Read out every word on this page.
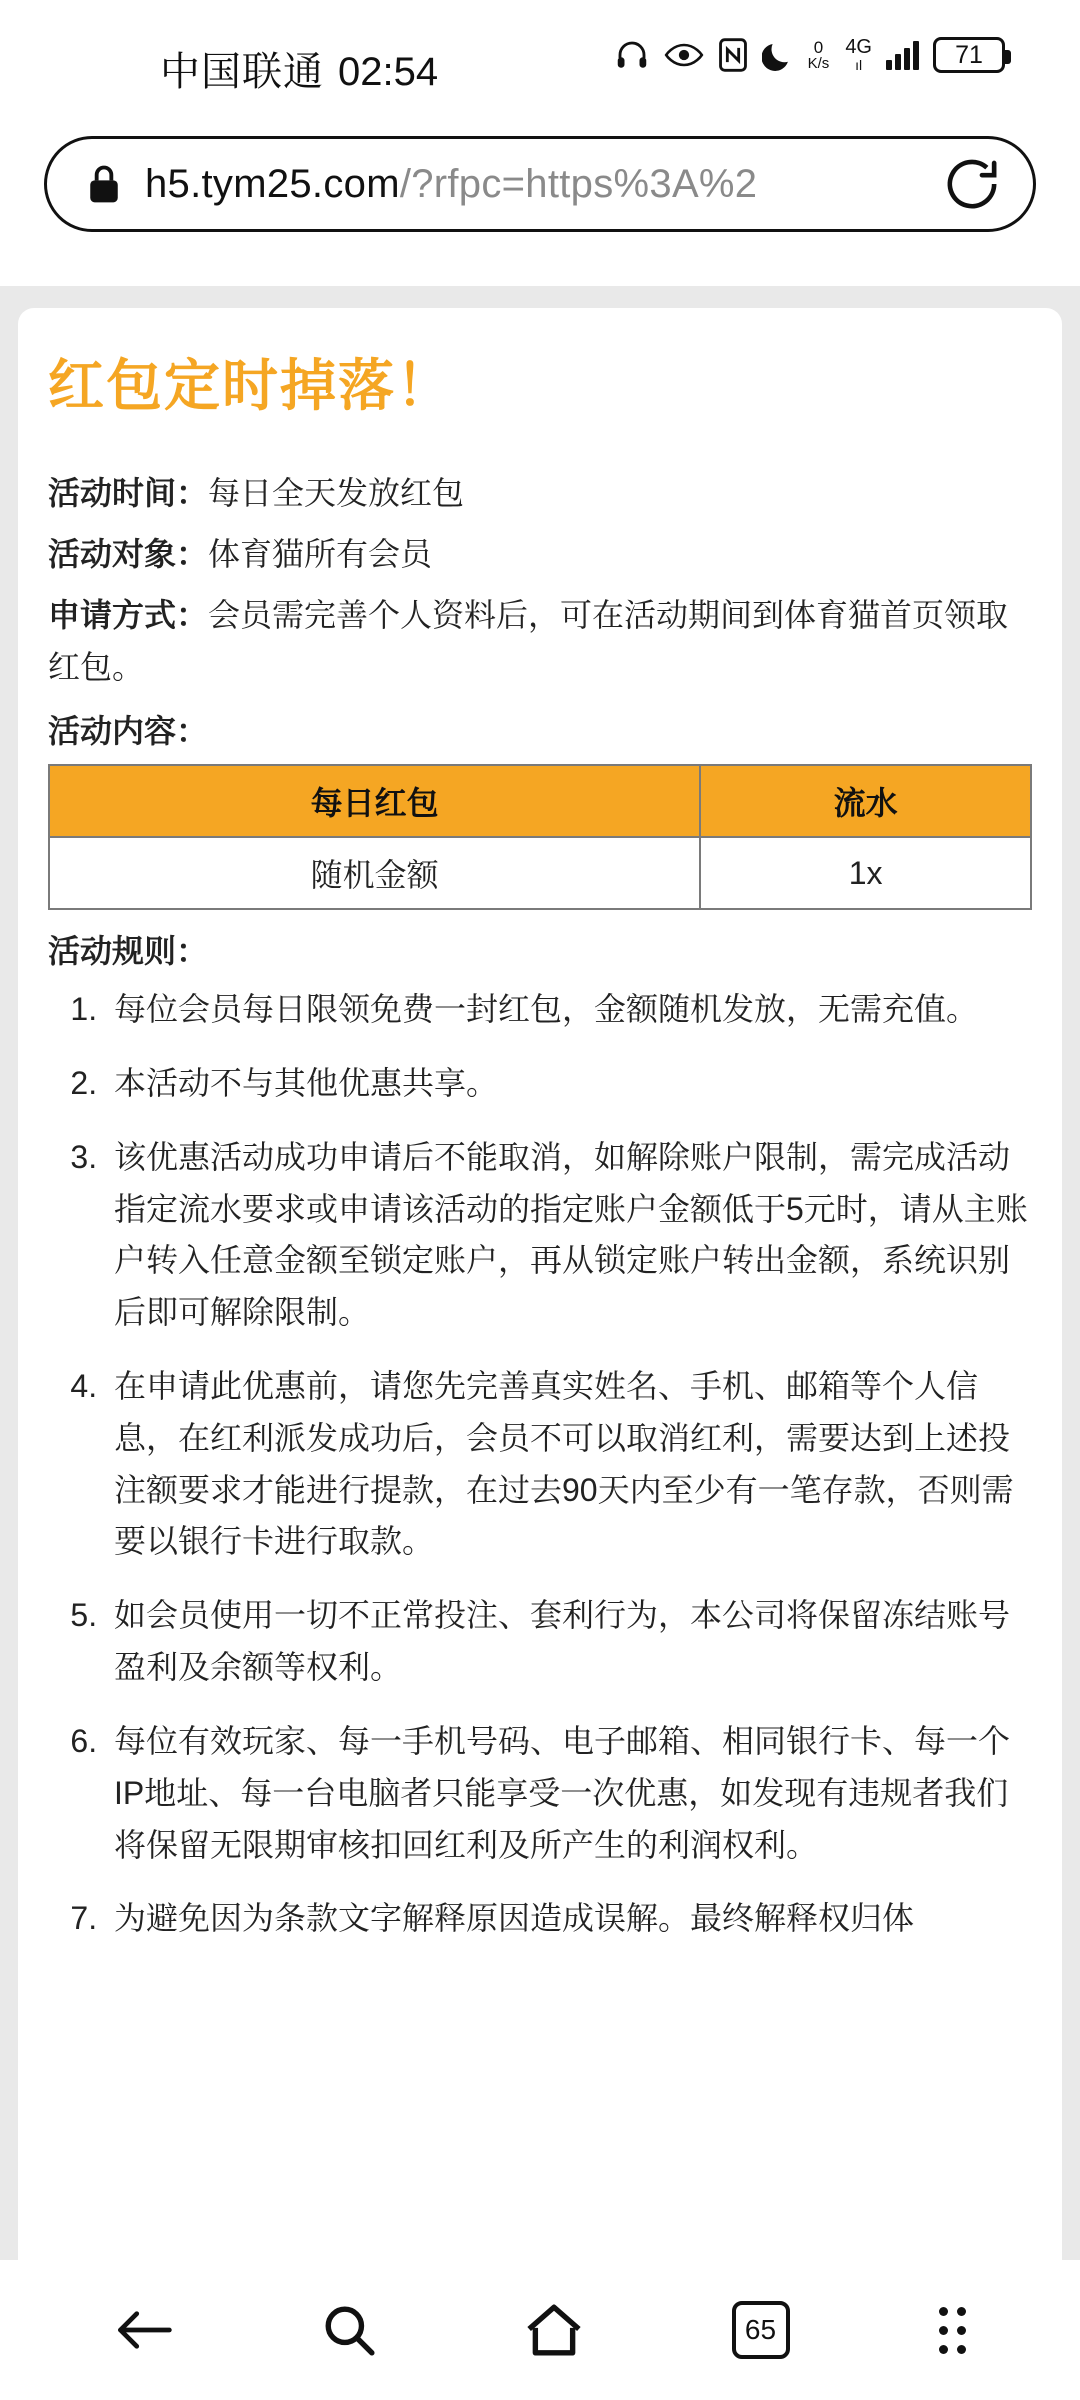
中国联通 02:54
0
K/s
4G
ıl	71
h5.tym25.com/?rfpc=https%3A%2
红包定时掉落！
活动时间：每日全天发放红包
活动对象：体育猫所有会员
申请方式：会员需完善个人资料后，可在活动期间到体育猫首页领取红包。
活动内容：
每日红包	流水
随机金额	1x
活动规则：
1. 每位会员每日限领免费一封红包，金额随机发放，无需充值。
2. 本活动不与其他优惠共享。
3. 该优惠活动成功申请后不能取消，如解除账户限制，需完成活动指定流水要求或申请该活动的指定账户金额低于5元时，请从主账户转入任意金额至锁定账户，再从锁定账户转出金额，系统识别后即可解除限制。
4. 在申请此优惠前，请您先完善真实姓名、手机、邮箱等个人信息，在红利派发成功后，会员不可以取消红利，需要达到上述投注额要求才能进行提款，在过去90天内至少有一笔存款，否则需要以银行卡进行取款。
5. 如会员使用一切不正常投注、套利行为，本公司将保留冻结账号盈利及余额等权利。
6. 每位有效玩家、每一手机号码、电子邮箱、相同银行卡、每一个IP地址、每一台电脑者只能享受一次优惠，如发现有违规者我们将保留无限期审核扣回红利及所产生的利润权利。
7. 为避免因为条款文字解释原因造成误解。最终解释权归体
65
